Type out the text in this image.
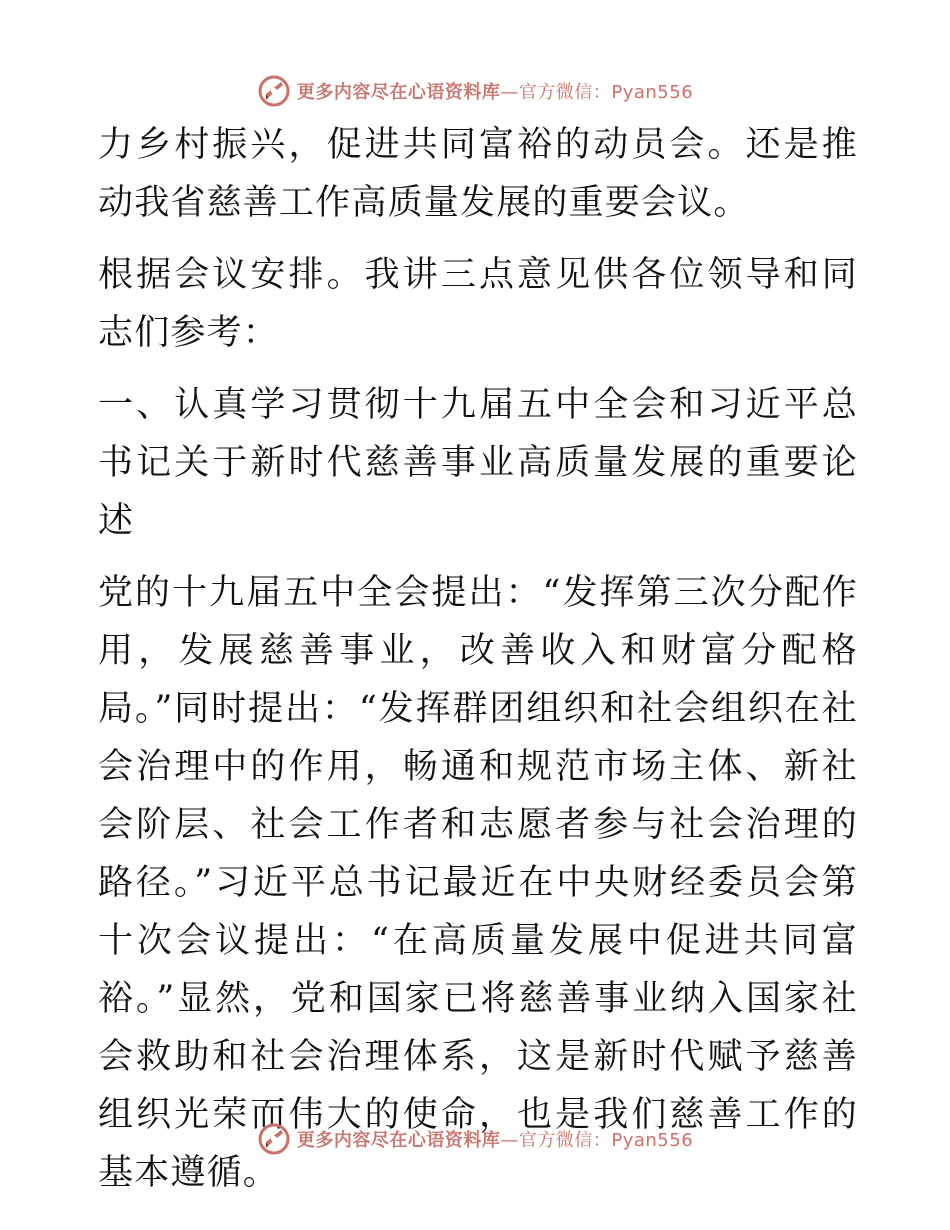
更多内容尽在心语资料库—官方微信：Pyan556

力乡村振兴，促进共同富裕的动员会。还是推动我省慈善工作高质量发展的重要会议。

根据会议安排。我讲三点意见供各位领导和同志们参考：

一、认真学习贯彻十九届五中全会和习近平总书记关于新时代慈善事业高质量发展的重要论述

党的十九届五中全会提出：“发挥第三次分配作用，发展慈善事业，改善收入和财富分配格局。”同时提出：“发挥群团组织和社会组织在社会治理中的作用，畅通和规范市场主体、新社会阶层、社会工作者和志愿者参与社会治理的路径。”习近平总书记最近在中央财经委员会第十次会议提出：“在高质量发展中促进共同富裕。”显然，党和国家已将慈善事业纳入国家社会救助和社会治理体系，这是新时代赋予慈善组织光荣而伟大的使命，也是我们慈善工作的基本遵循。

更多内容尽在心语资料库—官方微信：Pyan556
